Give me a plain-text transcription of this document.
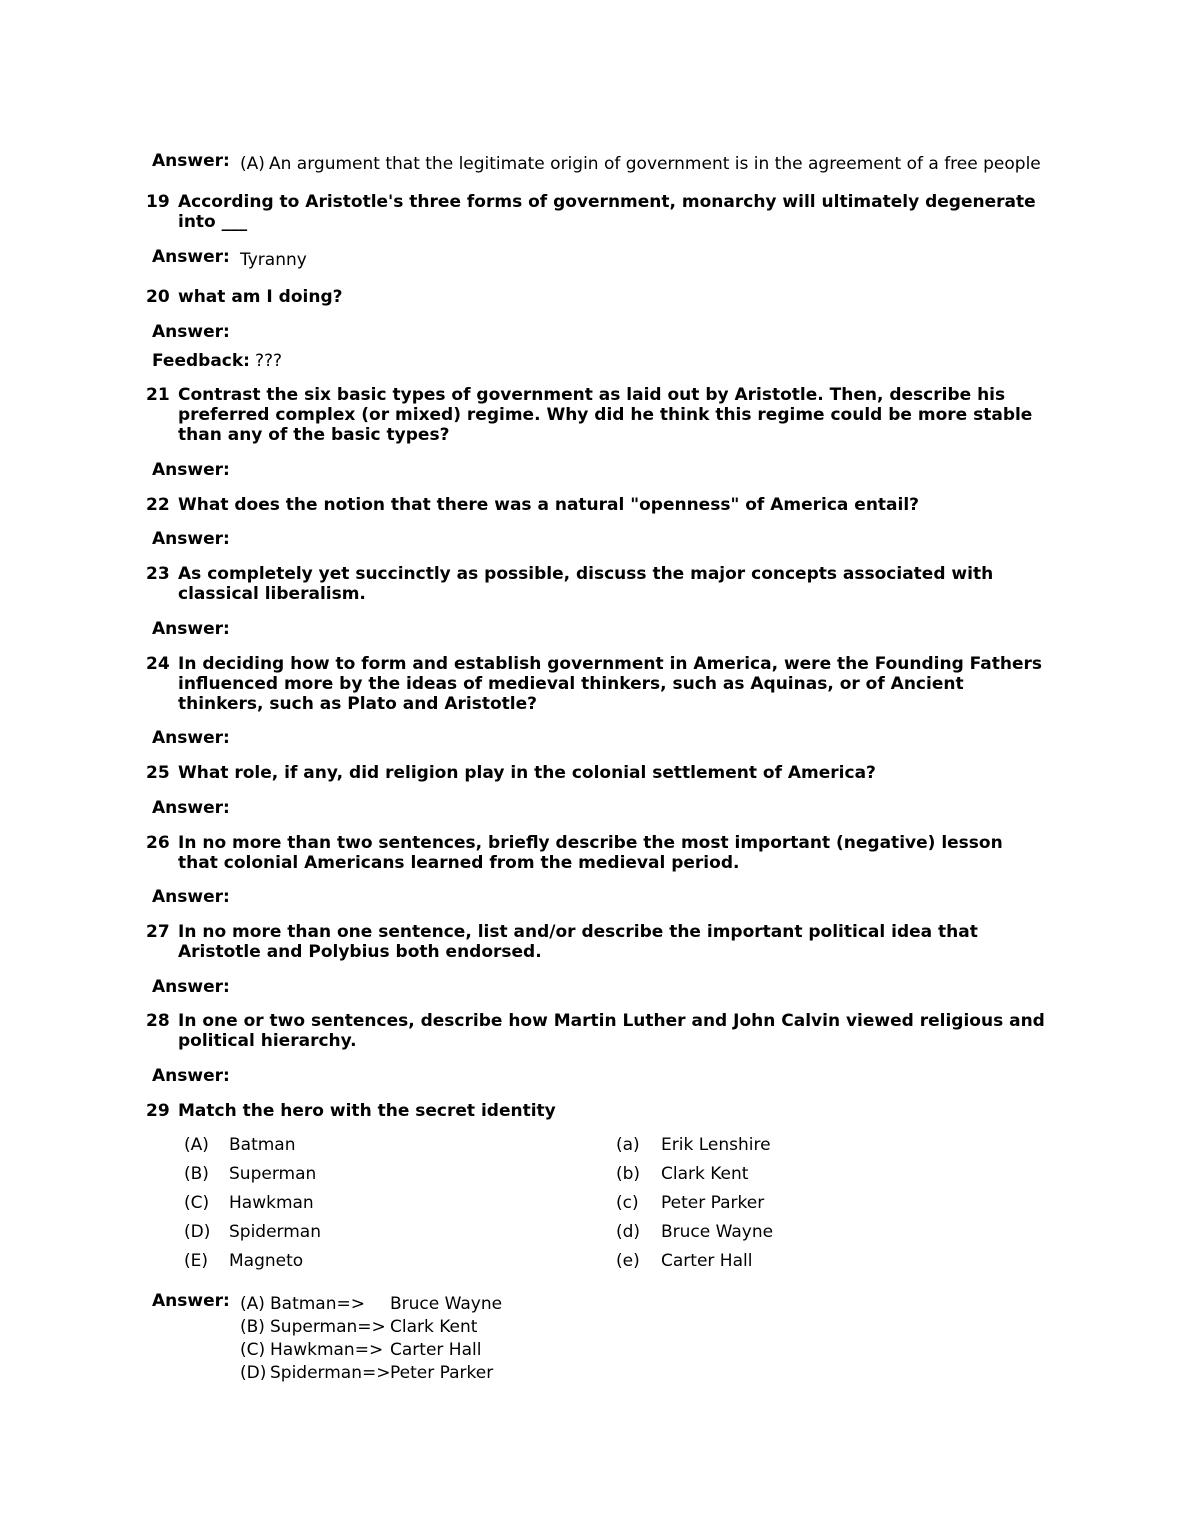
Answer: (A) An argument that the legitimate origin of government is in the agreement of a free people
19 According to Aristotle's three forms of government, monarchy will ultimately degenerate into ___
Answer: Tyranny
20 what am I doing?
Answer:
Feedback: ???
21 Contrast the six basic types of government as laid out by Aristotle. Then, describe his preferred complex (or mixed) regime. Why did he think this regime could be more stable than any of the basic types?
Answer:
22 What does the notion that there was a natural "openness" of America entail?
Answer:
23 As completely yet succinctly as possible, discuss the major concepts associated with classical liberalism.
Answer:
24 In deciding how to form and establish government in America, were the Founding Fathers influenced more by the ideas of medieval thinkers, such as Aquinas, or of Ancient thinkers, such as Plato and Aristotle?
Answer:
25 What role, if any, did religion play in the colonial settlement of America?
Answer:
26 In no more than two sentences, briefly describe the most important (negative) lesson that colonial Americans learned from the medieval period.
Answer:
27 In no more than one sentence, list and/or describe the important political idea that Aristotle and Polybius both endorsed.
Answer:
28 In one or two sentences, describe how Martin Luther and John Calvin viewed religious and political hierarchy.
Answer:
29 Match the hero with the secret identity
(A) Batman
(B) Superman
(C) Hawkman
(D) Spiderman
(E) Magneto
(a) Erik Lenshire
(b) Clark Kent
(c) Peter Parker
(d) Bruce Wayne
(e) Carter Hall
Answer: (A) Batman=> Bruce Wayne
(B) Superman=> Clark Kent
(C) Hawkman=> Carter Hall
(D) Spiderman=> Peter Parker
